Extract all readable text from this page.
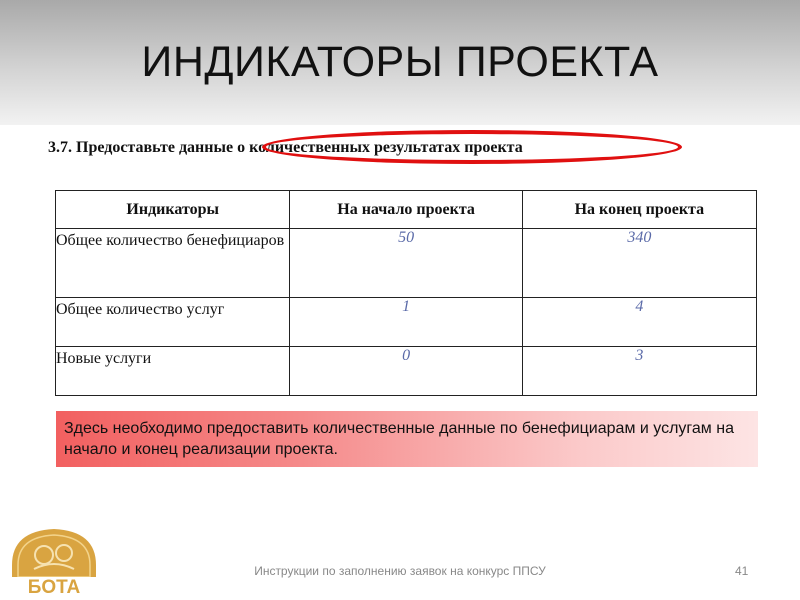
ИНДИКАТОРЫ ПРОЕКТА
3.7. Предоставьте данные о количественных результатах проекта
Индикаторы	На начало проекта	На конец проекта
Общее количество бенефициаров	50	340
Общее количество услуг	1	4
Новые услуги	0	3
Здесь необходимо предоставить количественные данные по бенефициарам и услугам на начало и конец реализации проекта.
БОТА
Инструкции по заполнению заявок на конкурс ППСУ	41
